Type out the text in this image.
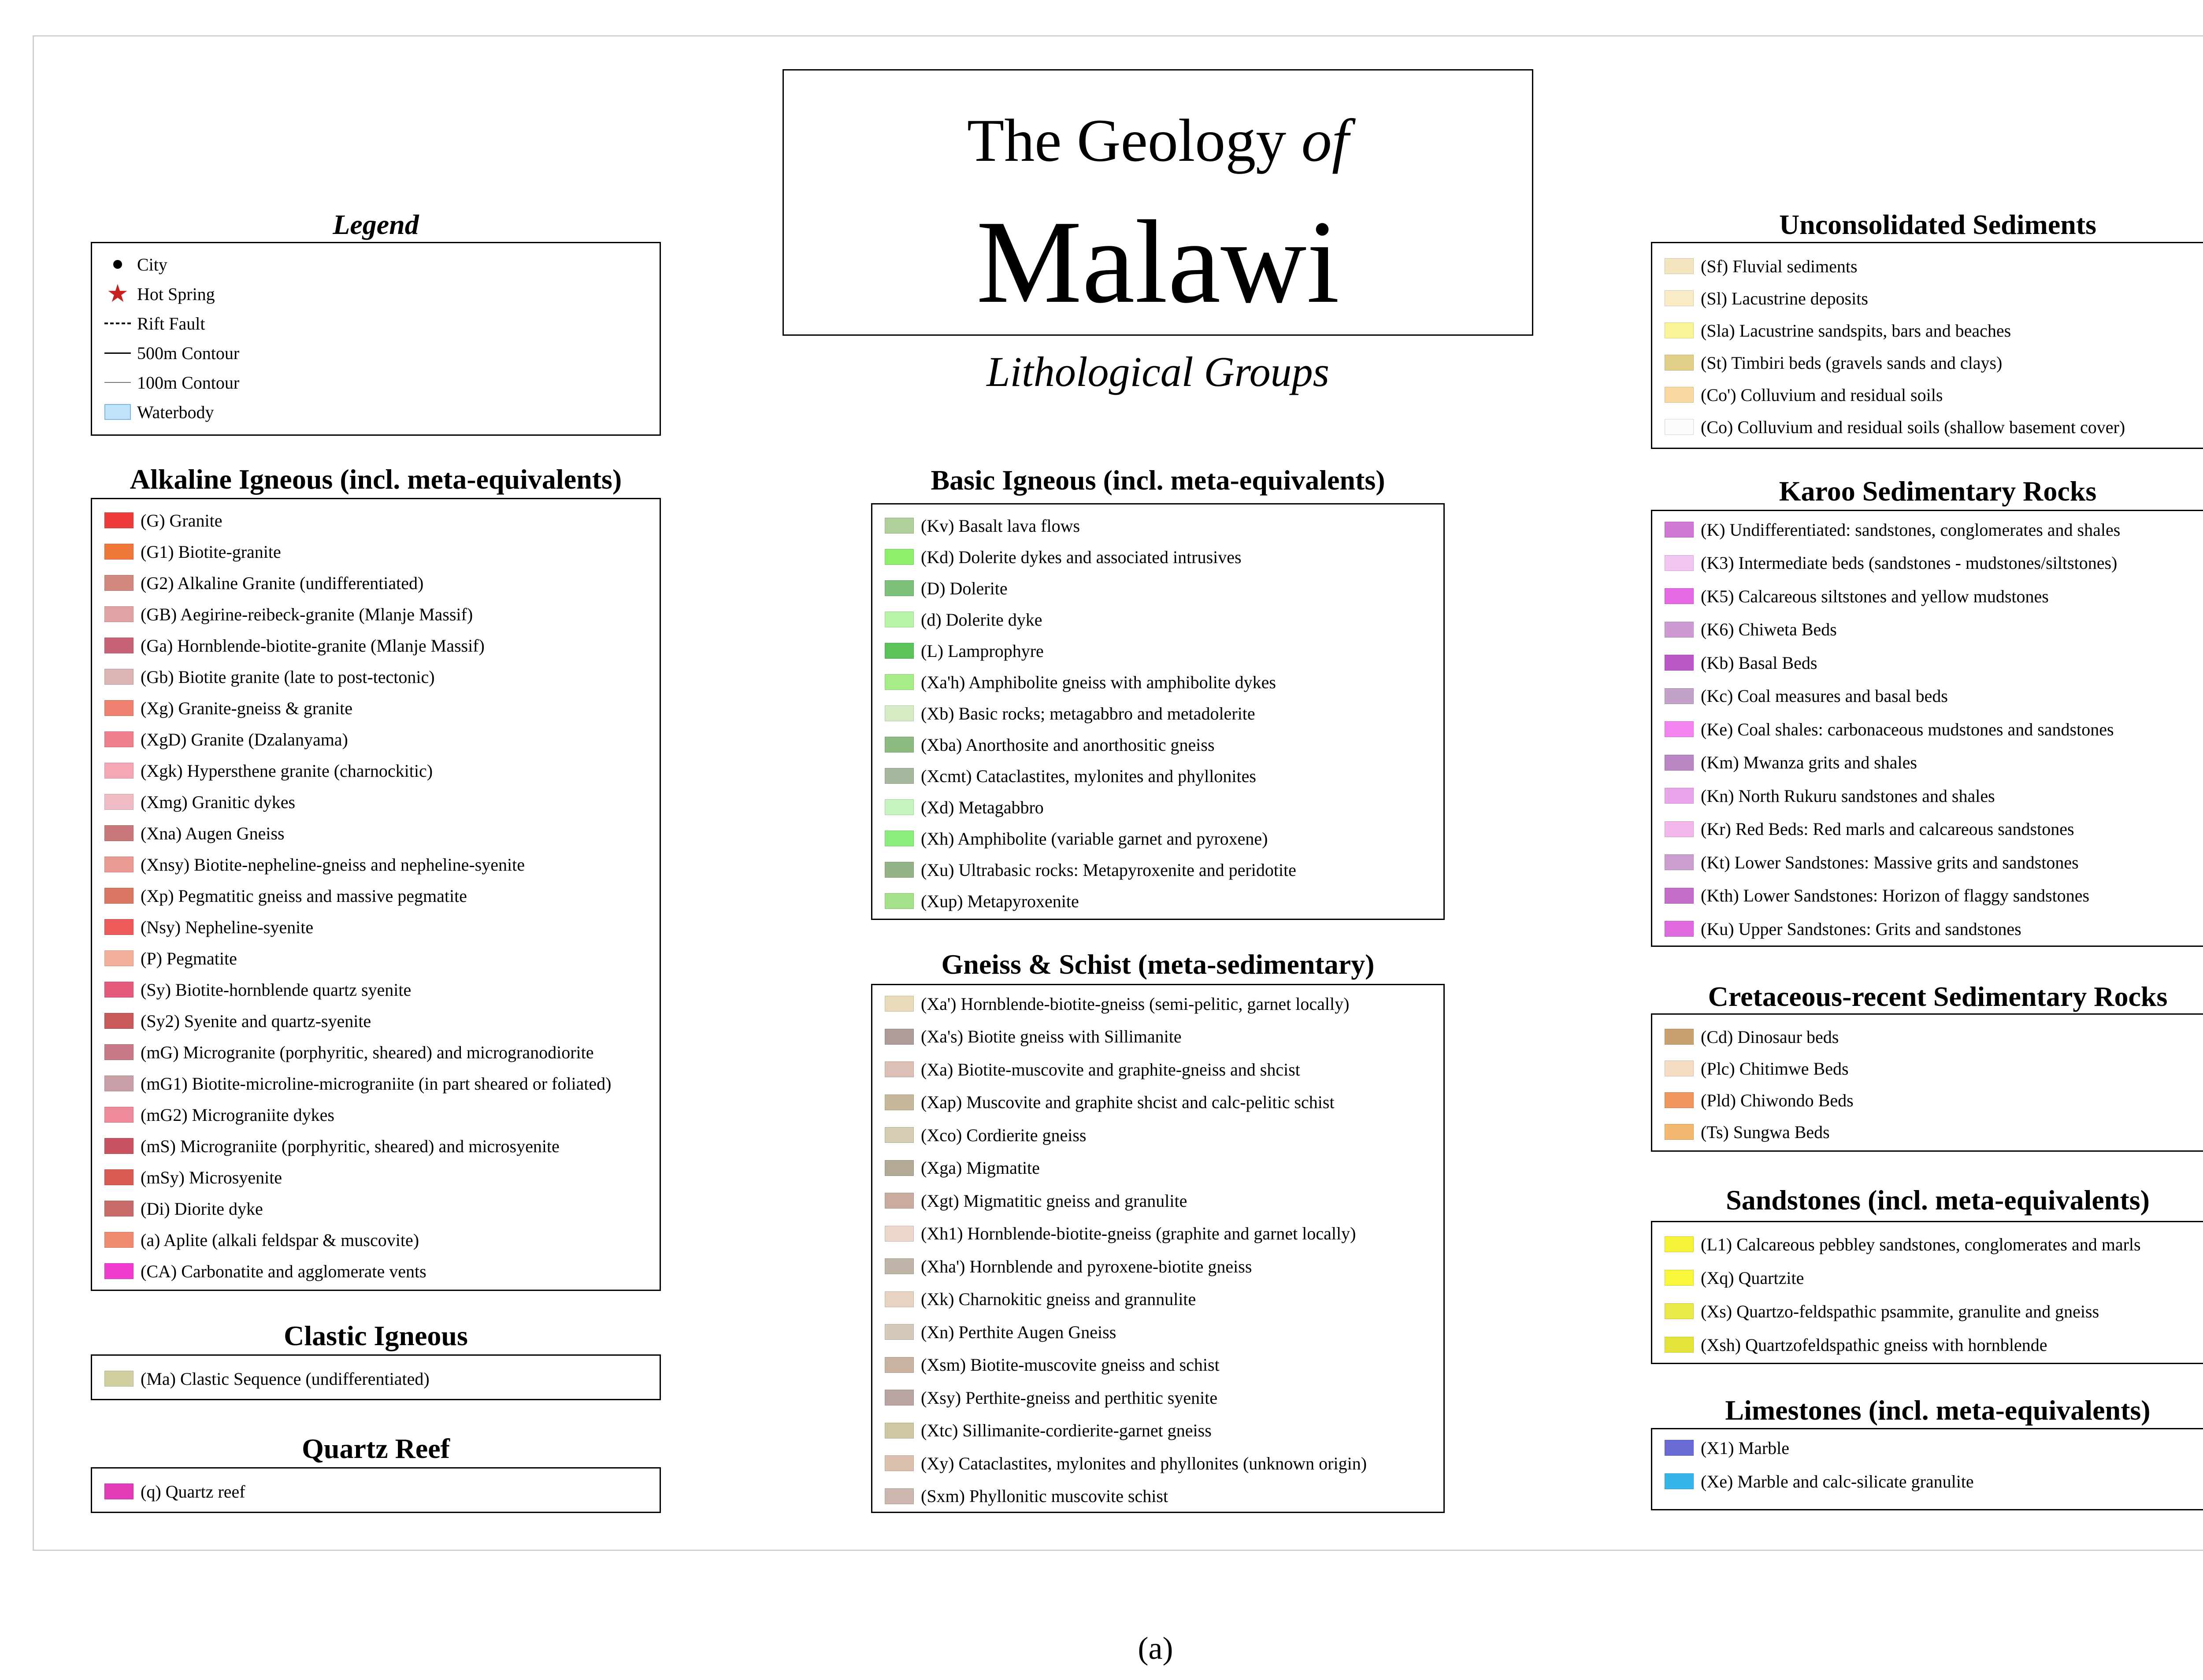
The Geology of
Malawi
Lithological Groups
Legend
City
★ Hot Spring
Rift Fault
500m Contour
100m Contour
Waterbody
Alkaline Igneous (incl. meta-equivalents)
(G) Granite
(G1) Biotite-granite
(G2) Alkaline Granite (undifferentiated)
(GB) Aegirine-reibeck-granite (Mlanje Massif)
(Ga) Hornblende-biotite-granite (Mlanje Massif)
(Gb) Biotite granite (late to post-tectonic)
(Xg) Granite-gneiss & granite
(XgD) Granite (Dzalanyama)
(Xgk) Hypersthene granite (charnockitic)
(Xmg) Granitic dykes
(Xna) Augen Gneiss
(Xnsy) Biotite-nepheline-gneiss and nepheline-syenite
(Xp) Pegmatitic gneiss and massive pegmatite
(Nsy) Nepheline-syenite
(P) Pegmatite
(Sy) Biotite-hornblende quartz syenite
(Sy2) Syenite and quartz-syenite
(mG) Microgranite (porphyritic, sheared) and microgranodiorite
(mG1) Biotite-microline-micrograniite (in part sheared or foliated)
(mG2) Micrograniite dykes
(mS) Micrograniite (porphyritic, sheared) and microsyenite
(mSy) Microsyenite
(Di) Diorite dyke
(a) Aplite (alkali feldspar & muscovite)
(CA) Carbonatite and agglomerate vents
Clastic Igneous
(Ma) Clastic Sequence (undifferentiated)
Quartz Reef
(q) Quartz reef
Basic Igneous (incl. meta-equivalents)
(Kv) Basalt lava flows
(Kd) Dolerite dykes and associated intrusives
(D) Dolerite
(d) Dolerite dyke
(L) Lamprophyre
(Xa'h) Amphibolite gneiss with amphibolite dykes
(Xb) Basic rocks; metagabbro and metadolerite
(Xba) Anorthosite and anorthositic gneiss
(Xcmt) Cataclastites, mylonites and phyllonites
(Xd) Metagabbro
(Xh) Amphibolite (variable garnet and pyroxene)
(Xu) Ultrabasic rocks: Metapyroxenite and peridotite
(Xup) Metapyroxenite
Gneiss & Schist (meta-sedimentary)
(Xa') Hornblende-biotite-gneiss (semi-pelitic, garnet locally)
(Xa's) Biotite gneiss with Sillimanite
(Xa) Biotite-muscovite and graphite-gneiss and shcist
(Xap) Muscovite and graphite shcist and calc-pelitic schist
(Xco) Cordierite gneiss
(Xga) Migmatite
(Xgt) Migmatitic gneiss and granulite
(Xh1) Hornblende-biotite-gneiss (graphite and garnet locally)
(Xha') Hornblende and pyroxene-biotite gneiss
(Xk) Charnokitic gneiss and grannulite
(Xn) Perthite Augen Gneiss
(Xsm) Biotite-muscovite gneiss and schist
(Xsy) Perthite-gneiss and perthitic syenite
(Xtc) Sillimanite-cordierite-garnet gneiss
(Xy) Cataclastites, mylonites and phyllonites (unknown origin)
(Sxm) Phyllonitic muscovite schist
Unconsolidated Sediments
(Sf) Fluvial sediments
(Sl) Lacustrine deposits
(Sla) Lacustrine sandspits, bars and beaches
(St) Timbiri beds (gravels sands and clays)
(Co') Colluvium and residual soils
(Co) Colluvium and residual soils (shallow basement cover)
Karoo Sedimentary Rocks
(K) Undifferentiated: sandstones, conglomerates and shales
(K3) Intermediate beds (sandstones - mudstones/siltstones)
(K5) Calcareous siltstones and yellow mudstones
(K6) Chiweta Beds
(Kb) Basal Beds
(Kc) Coal measures and basal beds
(Ke) Coal shales: carbonaceous mudstones and sandstones
(Km) Mwanza grits and shales
(Kn) North Rukuru sandstones and shales
(Kr) Red Beds: Red marls and calcareous sandstones
(Kt) Lower Sandstones: Massive grits and sandstones
(Kth) Lower Sandstones: Horizon of flaggy sandstones
(Ku) Upper Sandstones: Grits and sandstones
Cretaceous-recent Sedimentary Rocks
(Cd) Dinosaur beds
(Plc) Chitimwe Beds
(Pld) Chiwondo Beds
(Ts) Sungwa Beds
Sandstones (incl. meta-equivalents)
(L1) Calcareous pebbley sandstones, conglomerates and marls
(Xq) Quartzite
(Xs) Quartzo-feldspathic psammite, granulite and gneiss
(Xsh) Quartzofeldspathic gneiss with hornblende
Limestones (incl. meta-equivalents)
(X1) Marble
(Xe) Marble and calc-silicate granulite
(a)
